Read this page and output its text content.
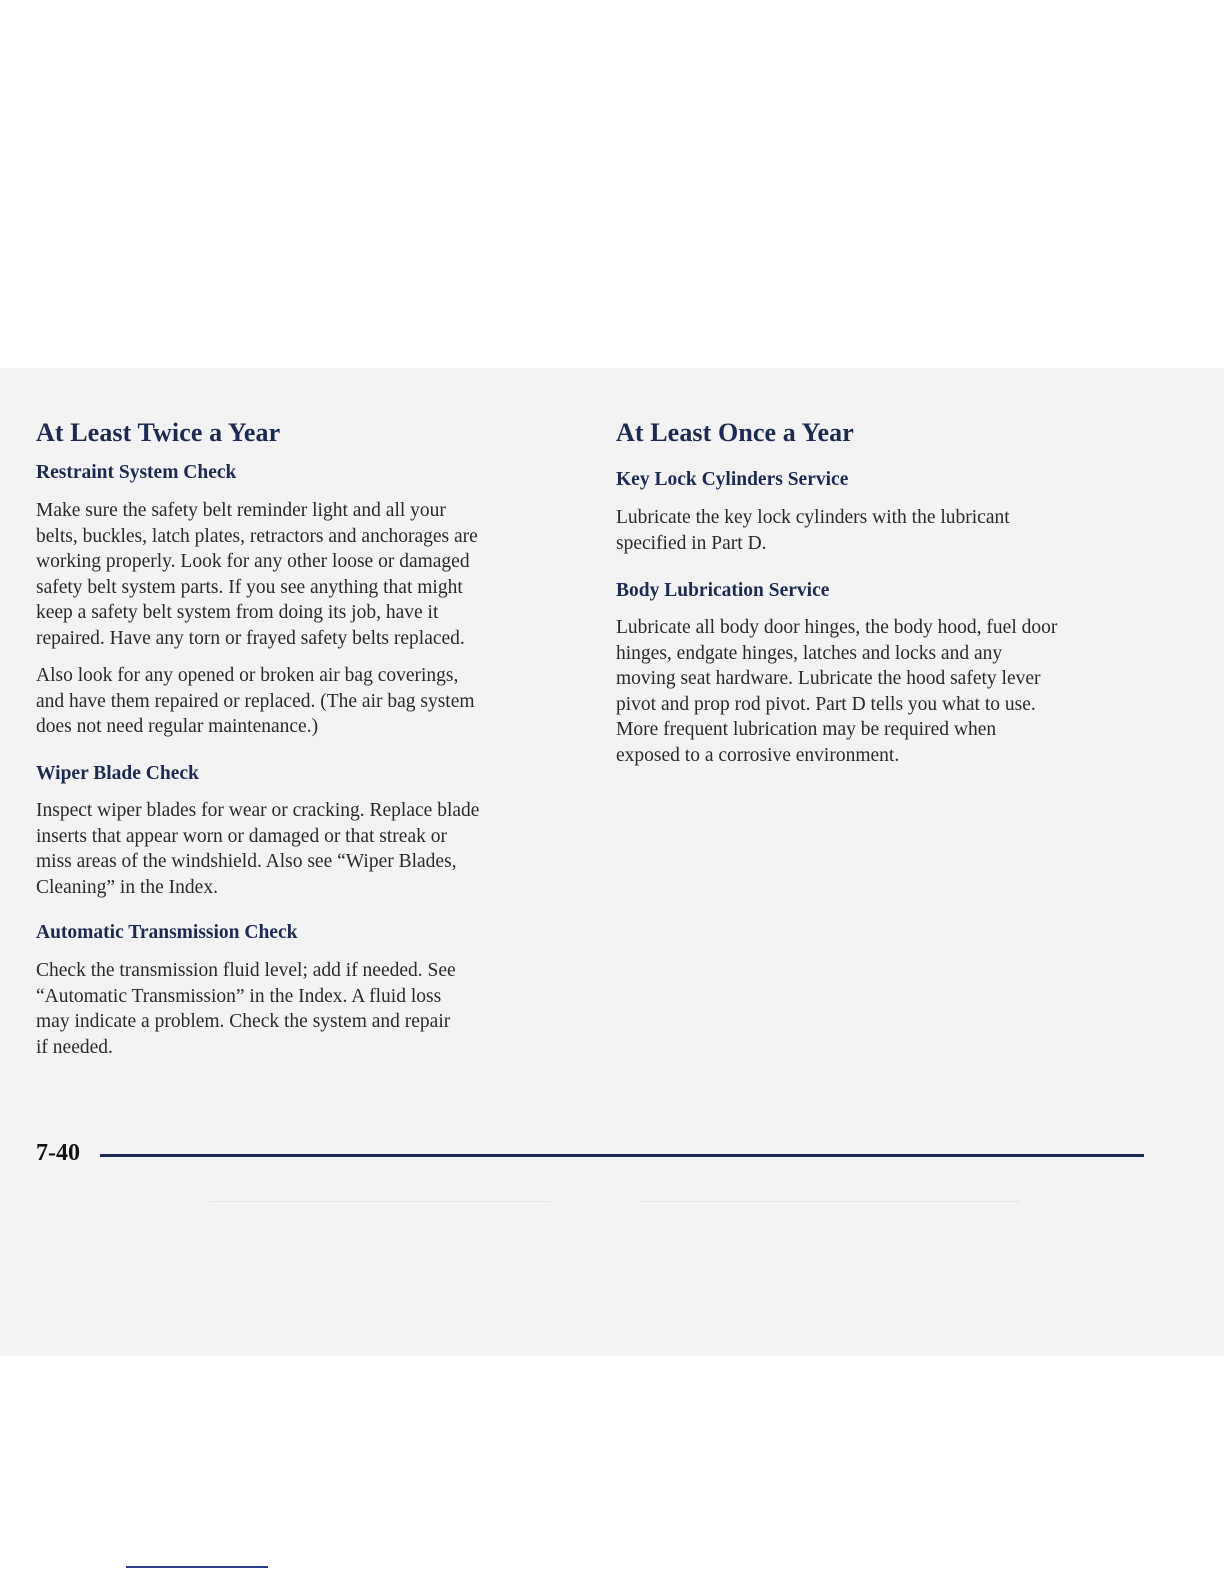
At Least Twice a Year
Restraint System Check

Make sure the safety belt reminder light and all your
belts, buckles, latch plates, retractors and anchorages are
working properly. Look for any other loose or damaged
safety belt system parts. If you see anything that might
keep a safety belt system from doing its job, have it
repaired. Have any torn or frayed safety belts replaced.

Also look for any opened or broken air bag coverings,
and have them repaired or replaced. (The air bag system
does not need regular maintenance.)

Wiper Blade Check

Inspect wiper blades for wear or cracking. Replace blade
inserts that appear worn or damaged or that streak or
miss areas of the windshield. Also see “Wiper Blades,
Cleaning” in the Index.

Automatic Transmission Check

Check the transmission fluid level; add if needed. See
“Automatic Transmission” in the Index. A fluid loss
may indicate a problem. Check the system and repair
if needed.

At Least Once a Year
Key Lock Cylinders Service

Lubricate the key lock cylinders with the lubricant
specified in Part D.

Body Lubrication Service

Lubricate all body door hinges, the body hood, fuel door
hinges, endgate hinges, latches and locks and any
moving seat hardware. Lubricate the hood safety lever
pivot and prop rod pivot. Part D tells you what to use.
More frequent lubrication may be required when
exposed to a corrosive environment.

7-40
